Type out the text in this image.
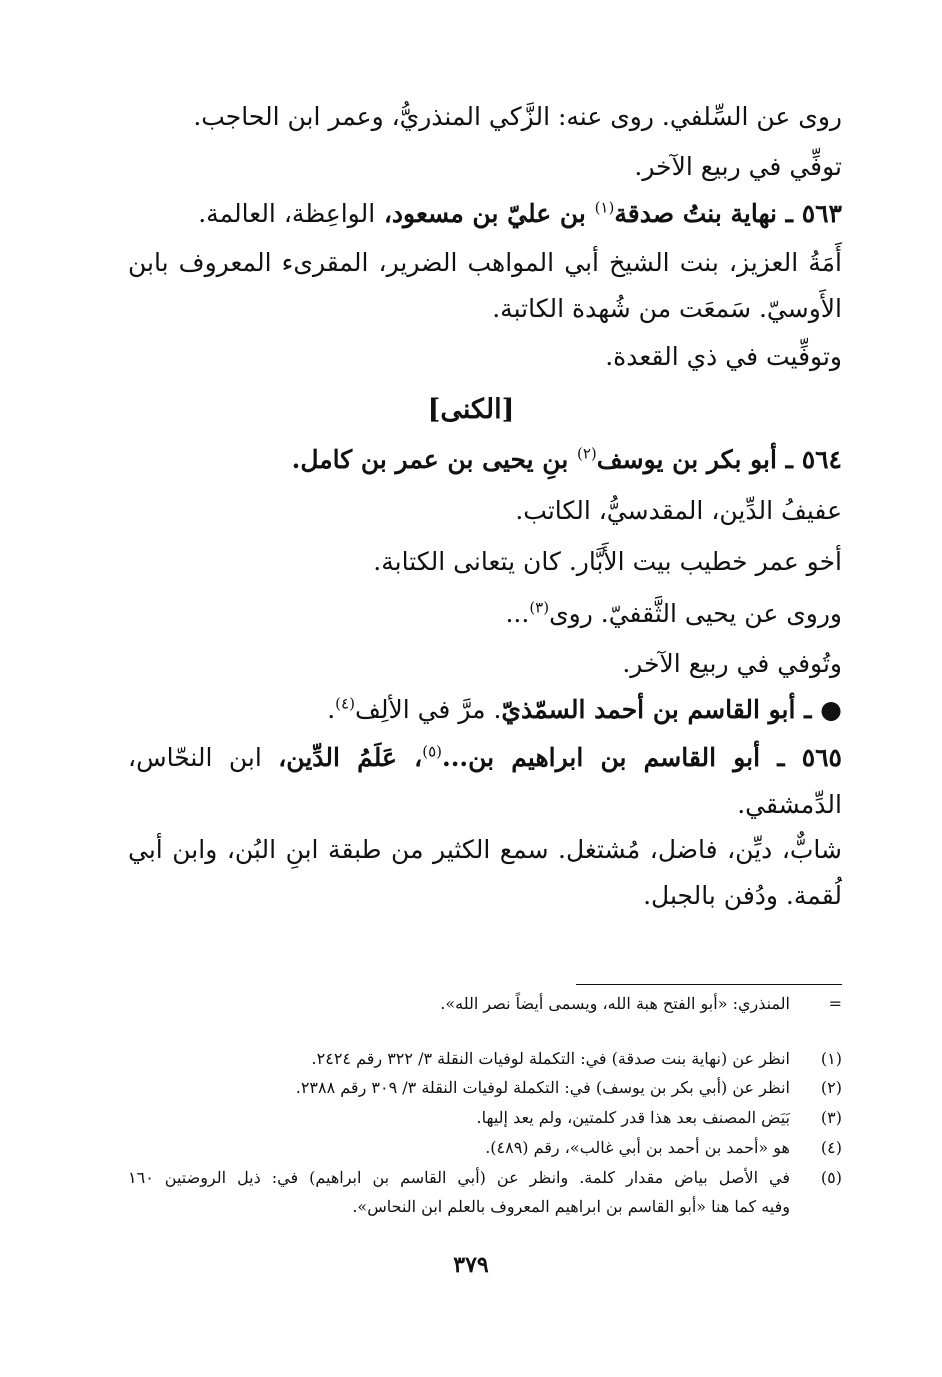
روى عن السِّلفي. روى عنه: الزَّكي المنذريُّ، وعمر ابن الحاجب.
توفِّي في ربيع الآخر.
٥٦٣ ـ نهاية بنتُ صدقة$^{(١)}$ بن عليّ بن مسعود، الواعِظة، العالمة.
أَمَةُ العزيز، بنت الشيخ أبي المواهب الضرير، المقرىء المعروف بابن
الأَوسيّ. سَمعَت من شُهدة الكاتبة.
وتوفِّيت في ذي القعدة.
[الكنى]
٥٦٤ ـ أبو بكر بن يوسف$^{(٢)}$ بنِ يحيى بن عمر بن كامل.
عفيفُ الدِّين، المقدسيُّ، الكاتب.
أخو عمر خطيب بيت الأَبَّار. كان يتعانى الكتابة.
وروى عن يحيى الثَّقفيّ. روى$^{(٣)}$...
وتُوفي في ربيع الآخر.
● ـ أبو القاسم بن أحمد السمّذيّ. مرَّ في الألِف$^{(٤)}$.
٥٦٥ ـ أبو القاسم بن ابراهيم بن...$^{(٥)}$، عَلَمُ الدِّين، ابن النحّاس،
الدِّمشقي.
شابٌّ، ديِّن، فاضل، مُشتغل. سمع الكثير من طبقة ابنِ البُن، وابن أبي
لُقمة. ودُفن بالجبل.
=المنذري: «أبو الفتح هبة الله، ويسمى أيضاً نصر الله».
(١)انظر عن (نهاية بنت صدقة) في: التكملة لوفيات النقلة ٣/ ٣٢٢ رقم ٢٤٢٤.
(٢)انظر عن (أبي بكر بن يوسف) في: التكملة لوفيات النقلة ٣/ ٣٠٩ رقم ٢٣٨٨.
(٣)بَيَض المصنف بعد هذا قدر كلمتين، ولم يعد إليها.
(٤)هو «أحمد بن أحمد بن أبي غالب»، رقم (٤٨٩).
(٥)في الأصل بياض مقدار كلمة. وانظر عن (أبي القاسم بن ابراهيم) في: ذيل الروضتين ١٦٠
وفيه كما هنا «أبو القاسم بن ابراهيم المعروف بالعلم ابن النحاس».
٣٧٩
